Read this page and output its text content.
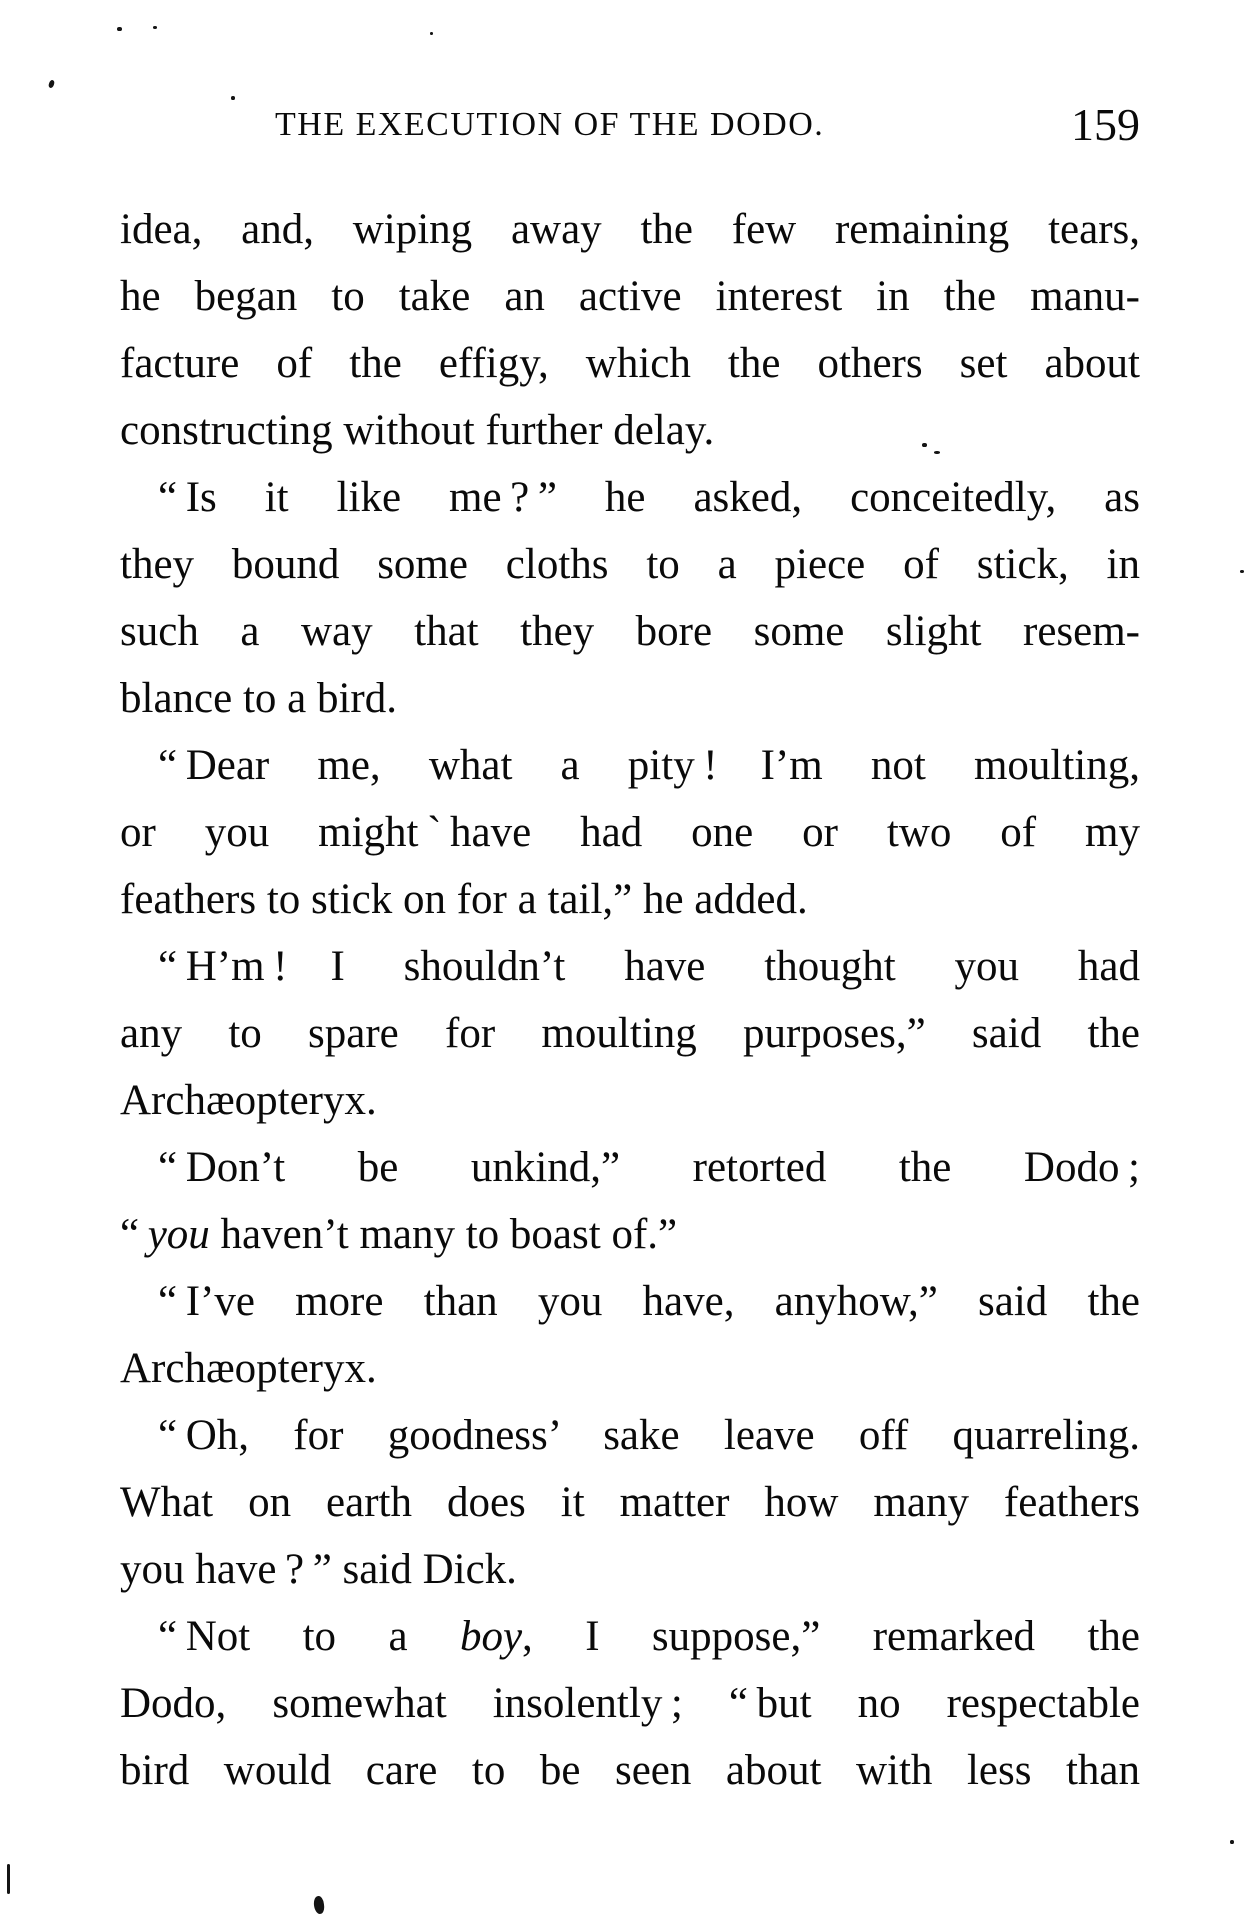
THE EXECUTION OF THE DODO.	159
idea, and, wiping away the few remaining tears,
he began to take an active interest in the manu-
facture of the effigy, which the others set about
constructing without further delay.
“ Is it like me ? ” he asked, conceitedly, as
they bound some cloths to a piece of stick, in
such a way that they bore some slight resem-
blance to a bird.
“ Dear me, what a pity ! I’m not moulting,
or you might ` have had one or two of my
feathers to stick on for a tail,” he added.
“ H’m ! I shouldn’t have thought you had
any to spare for moulting purposes,” said the
Archæopteryx.
“ Don’t be unkind,” retorted the Dodo ;
“ you haven’t many to boast of.”
“ I’ve more than you have, anyhow,” said the
Archæopteryx.
“ Oh, for goodness’ sake leave off quarreling.
What on earth does it matter how many feathers
you have ? ” said Dick.
“ Not to a boy, I suppose,” remarked the
Dodo, somewhat insolently ; “ but no respectable
bird would care to be seen about with less than
